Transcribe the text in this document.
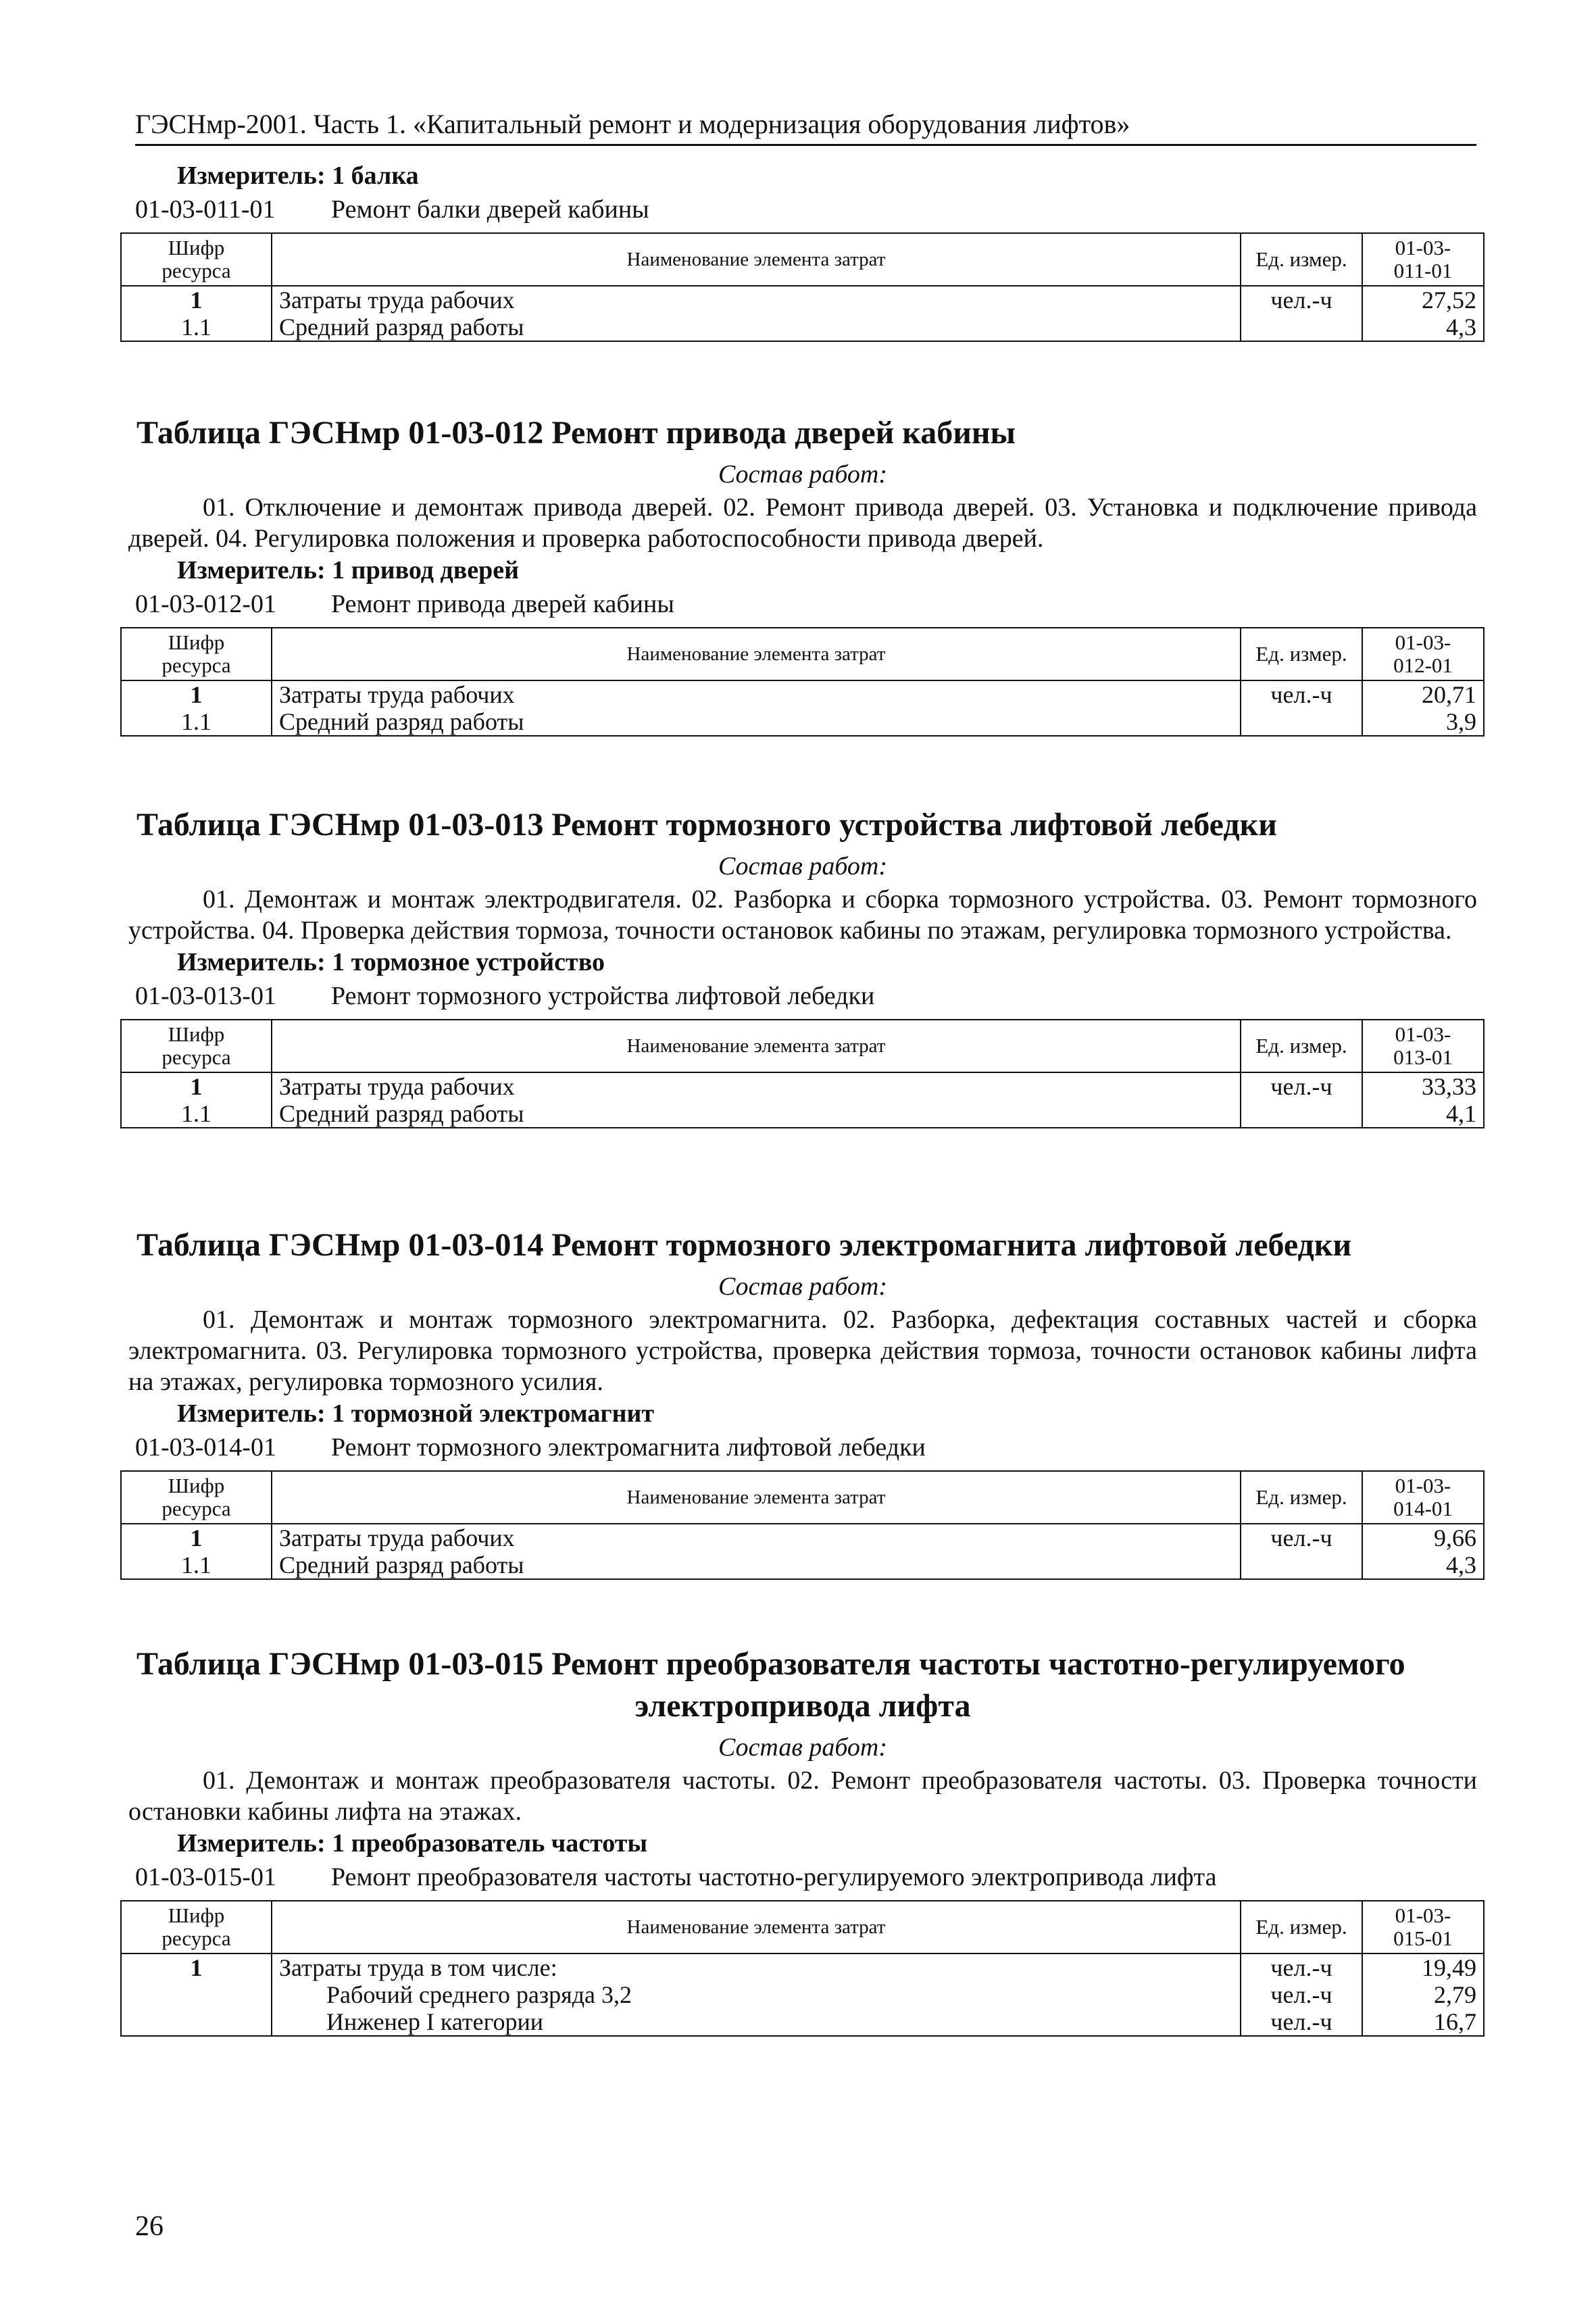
ГЭСНмр-2001. Часть 1. «Капитальный ремонт и модернизация оборудования лифтов»
Измеритель: 1 балка
01-03-011-01 Ремонт балки дверей кабины
Шифр
ресурса	Наименование элемента затрат	Ед. измер.	01-03-
011-01

1	Затраты труда рабочих	чел.-ч	27,52
1.1	Средний разряд работы		4,3
Таблица ГЭСНмр 01-03-012 Ремонт привода дверей кабины

Состав работ:

01. Отключение и демонтаж привода дверей. 02. Ремонт привода дверей. 03. Установка и подключение привода дверей. 04. Регулировка положения и проверка работоспособности привода дверей.

Измеритель: 1 привод дверей
01-03-012-01 Ремонт привода дверей кабины
Шифр
ресурса	Наименование элемента затрат	Ед. измер.	01-03-
012-01

1	Затраты труда рабочих	чел.-ч	20,71
1.1	Средний разряд работы		3,9
Таблица ГЭСНмр 01-03-013 Ремонт тормозного устройства лифтовой лебедки

Состав работ:

01. Демонтаж и монтаж электродвигателя. 02. Разборка и сборка тормозного устройства. 03. Ремонт тормозного устройства. 04. Проверка действия тормоза, точности остановок кабины по этажам, регулировка тормозного устройства.

Измеритель: 1 тормозное устройство
01-03-013-01 Ремонт тормозного устройства лифтовой лебедки
Шифр
ресурса	Наименование элемента затрат	Ед. измер.	01-03-
013-01

1	Затраты труда рабочих	чел.-ч	33,33
1.1	Средний разряд работы		4,1
Таблица ГЭСНмр 01-03-014 Ремонт тормозного электромагнита лифтовой лебедки

Состав работ:

01. Демонтаж и монтаж тормозного электромагнита. 02. Разборка, дефектация составных частей и сборка электромагнита. 03. Регулировка тормозного устройства, проверка действия тормоза, точности остановок кабины лифта на этажах, регулировка тормозного усилия.

Измеритель: 1 тормозной электромагнит
01-03-014-01 Ремонт тормозного электромагнита лифтовой лебедки
Шифр
ресурса	Наименование элемента затрат	Ед. измер.	01-03-
014-01

1	Затраты труда рабочих	чел.-ч	9,66
1.1	Средний разряд работы		4,3
Таблица ГЭСНмр 01-03-015 Ремонт преобразователя частоты частотно-регулируемого
электропривода лифта

Состав работ:

01. Демонтаж и монтаж преобразователя частоты. 02. Ремонт преобразователя частоты. 03. Проверка точности остановки кабины лифта на этажах.

Измеритель: 1 преобразователь частоты
01-03-015-01 Ремонт преобразователя частоты частотно-регулируемого электропривода лифта
Шифр
ресурса	Наименование элемента затрат	Ед. измер.	01-03-
015-01

1	Затраты труда в том числе:	чел.-ч	19,49
	Рабочий среднего разряда 3,2	чел.-ч	2,79
	Инженер I категории	чел.-ч	16,7
26
